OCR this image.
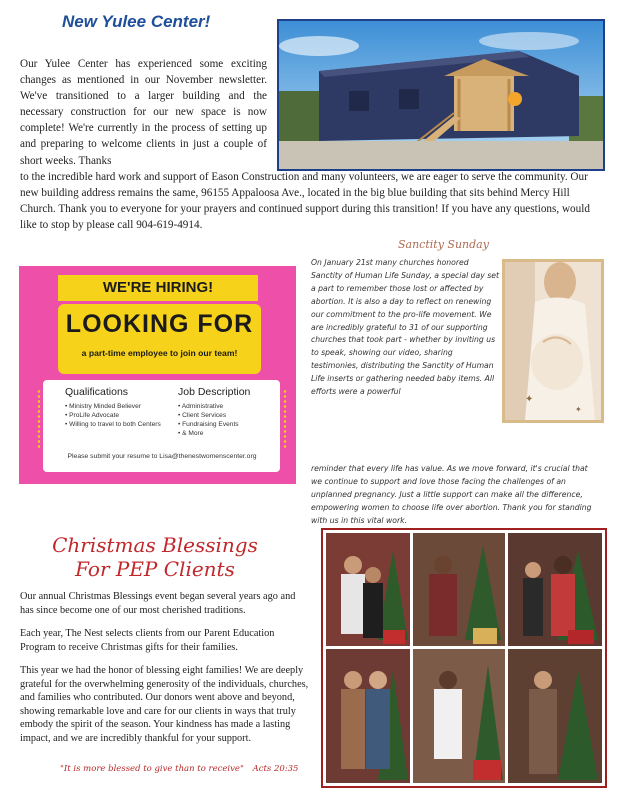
New Yulee Center!

Our Yulee Center has experienced some exciting changes as mentioned in our November newsletter. We've transitioned to a larger building and the necessary construction for our new space is now complete! We're currently in the process of setting up and preparing to welcome clients in just a couple of short weeks. Thanks

to the incredible hard work and support of Eason Construction and many volunteers, we are eager to serve the community. Our new building address remains the same, 96155 Appaloosa Ave., located in the big blue building that sits behind Mercy Hill Church. Thank you to everyone for your prayers and continued support during this transition! If you have any questions, would like to stop by please call 904-619-4914.

WE'RE HIRING!
LOOKING FOR
a part-time employee to join our team!
Qualifications
• Ministry Minded Believer
• ProLife Advocate
• Willing to travel to both Centers
Job Description
• Administrative
• Client Services
• Fundraising Events
• & More
Please submit your resume to Lisa@thenestwomenscenter.org
Sanctity Sunday

On January 21st many churches honored Sanctity of Human Life Sunday, a special day set a part to remember those lost or affected by abortion. It is also a day to reflect on renewing our commitment to the pro-life movement. We are incredibly grateful to 31 of our supporting churches that took part - whether by inviting us to speak, showing our video, sharing testimonies, distributing the Sanctity of Human Life inserts or gathering needed baby items. All efforts were a powerful

reminder that every life has value. As we move forward, it's crucial that we continue to support and love those facing the challenges of an unplanned pregnancy. Just a little support can make all the difference, empowering women to choose life over abortion. Thank you for standing with us in this vital work.

✦
✦
Christmas Blessings
For PEP Clients

Our annual Christmas Blessings event began several years ago and has since become one of our most cherished traditions.

Each year, The Nest selects clients from our Parent Education Program to receive Christmas gifts for their families.

This year we had the honor of blessing eight families! We are deeply grateful for the overwhelming generosity of the individuals, churches, and families who contributed. Our donors went above and beyond, showing remarkable love and care for our clients in ways that truly embody the spirit of the season. Your kindness has made a lasting impact, and we are incredibly thankful for your support.

"It is more blessed to give than to receive" Acts 20:35
